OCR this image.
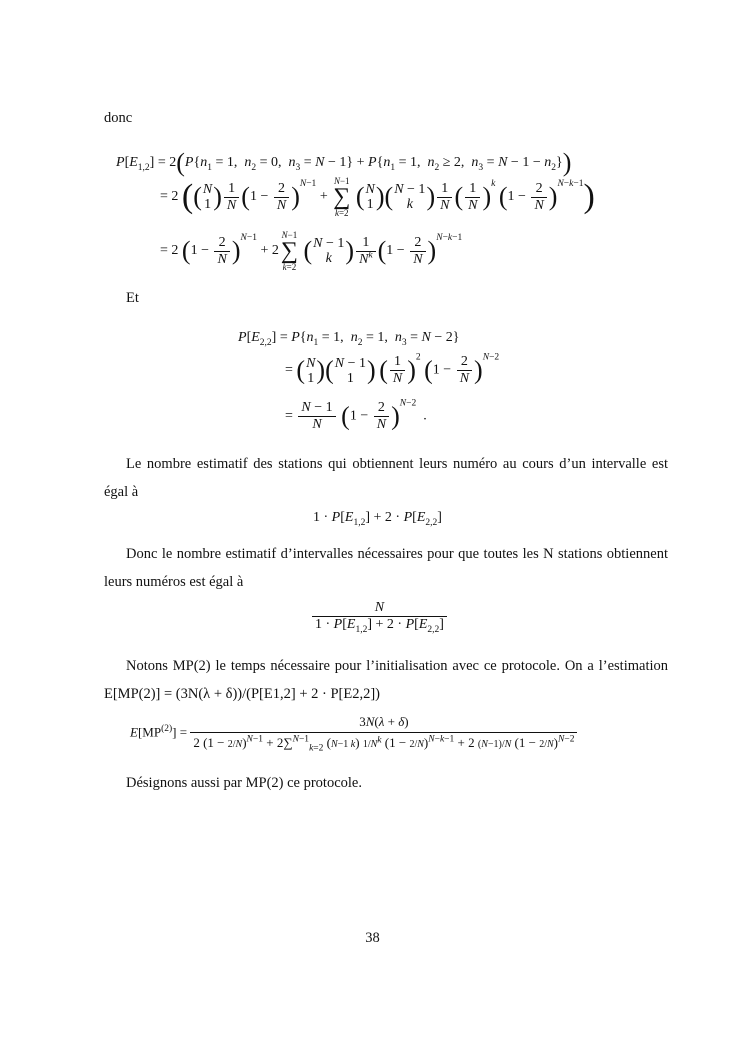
donc
$P[E_{1,2}] = 2(P\{n_1 = 1$,  $n_2 = 0$,  $n_3 = N - 1\} + P\{n_1 = 1$,  $n_2 \ge 2$,  $n_3 = N - 1 - n_2$})
= 2 (( N
1 ) $\frac{1}{N} (1 - \frac{2}{N} )^{N-1}$ +
N−1
∑
k=2
( N
1 )( N − 1
k ) $\frac{1}{N}$ ( $\frac{1}{N} )^k$ $(1 - \frac{2}{N} )^{N-k-1}$)
= 2 $(1 - \frac{2}{N} )^{N-1} + 2$
N−1
∑
k=2
( N − 1
k ) $\frac{1}{N^k} (1 - \frac{2}{N} )^{N-k-1}$
Et
$P[E_{2,2}] = P\{n_1 = 1$,  $n_2 = 1$,  $n_3 = N - 2$}
= ( N
1 )( N − 1
1 ) ( $\frac{1}{N} )^2$ $(1 - \frac{2}{N} )^{N-2}$
= $\frac{N - 1}{N} (1 - \frac{2}{N} )^{N-2}$  .
Le nombre estimatif des stations qui obtiennent leurs numéro au cours d’un intervalle est égal à
$1 \cdot P[E_{1,2}] + 2 \cdot P[E_{2,2}]$
Donc le nombre estimatif d’intervalles nécessaires pour que toutes les N stations obtiennent leurs numéros est égal à
$\frac{N}{1 \cdot P[E_{1,2}] + 2 \cdot P[E_{2,2}]}$
Notons MP(2) le temps nécessaire pour l’initialisation avec ce protocole. On a l’estimation E[MP(2)] = (3N(λ + δ))/(P[E1,2] + 2 · P[E2,2])
$E[MP^{(2)}]$ =
3N(λ + δ)
2 $(1 - 2/N)^{N-1} + 2\sum^{N-1}_{k=2}$ (N−1 k) $1/N^k$ $(1 - 2/N)^{N-k-1} + 2$ (N−1)/N $(1 - 2/N)^{N-2}$
Désignons aussi par MP(2) ce protocole.
38
